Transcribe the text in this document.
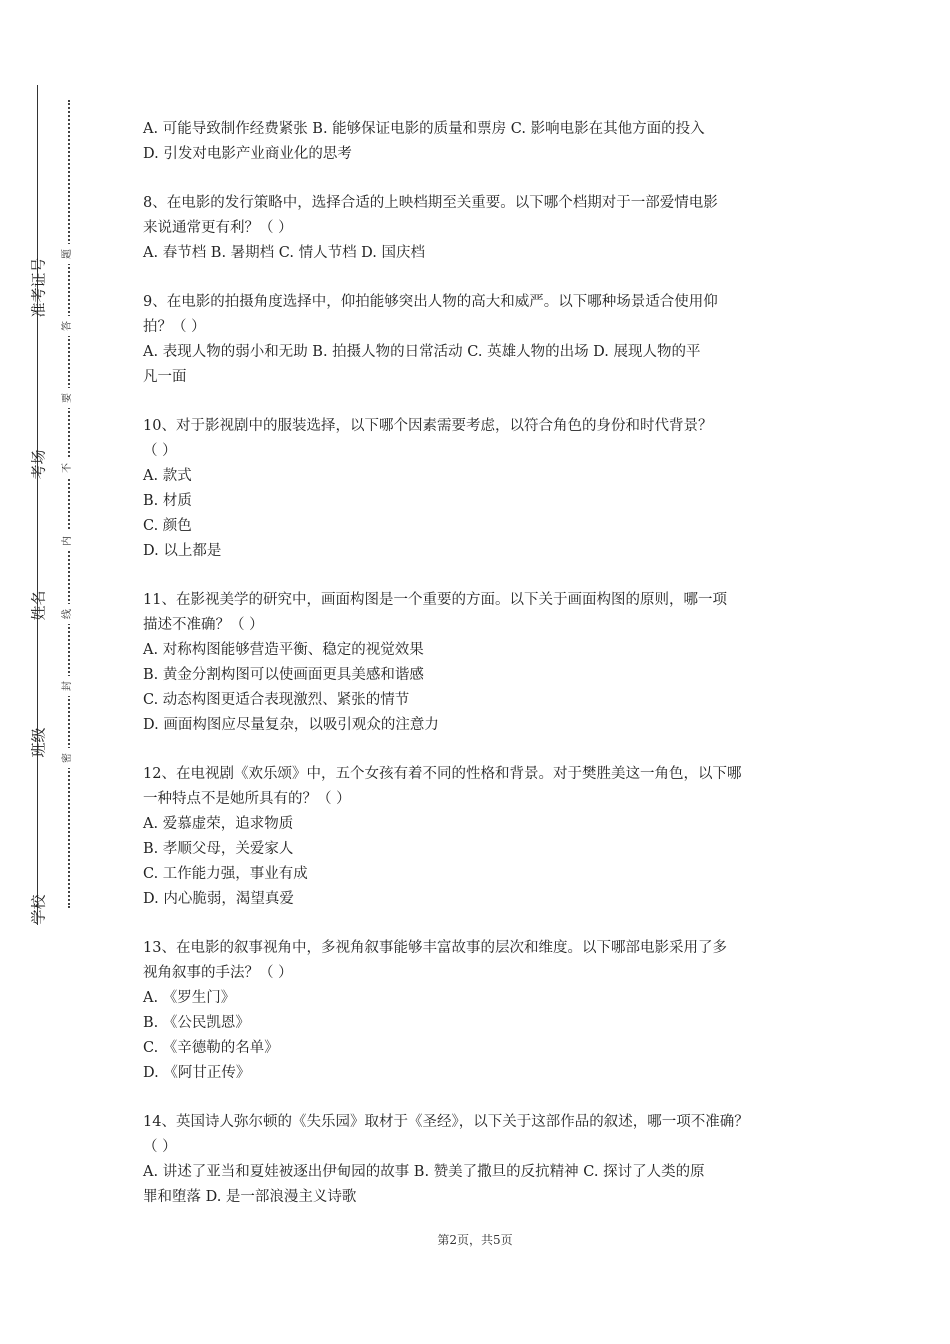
准考证号
考场
姓名
班级
学校
题
答
要
不
内
线
封
密
A. 可能导致制作经费紧张 B. 能够保证电影的质量和票房 C. 影响电影在其他方面的投入
D. 引发对电影产业商业化的思考
8、在电影的发行策略中，选择合适的上映档期至关重要。以下哪个档期对于一部爱情电影
来说通常更有利？（ ）
A. 春节档 B. 暑期档 C. 情人节档 D. 国庆档
9、在电影的拍摄角度选择中，仰拍能够突出人物的高大和威严。以下哪种场景适合使用仰
拍？（ ）
A. 表现人物的弱小和无助 B. 拍摄人物的日常活动 C. 英雄人物的出场 D. 展现人物的平
凡一面
10、对于影视剧中的服装选择，以下哪个因素需要考虑，以符合角色的身份和时代背景？
（ ）
A. 款式
B. 材质
C. 颜色
D. 以上都是
11、在影视美学的研究中，画面构图是一个重要的方面。以下关于画面构图的原则，哪一项
描述不准确？（ ）
A. 对称构图能够营造平衡、稳定的视觉效果
B. 黄金分割构图可以使画面更具美感和谐感
C. 动态构图更适合表现激烈、紧张的情节
D. 画面构图应尽量复杂，以吸引观众的注意力
12、在电视剧《欢乐颂》中，五个女孩有着不同的性格和背景。对于樊胜美这一角色，以下哪
一种特点不是她所具有的？（ ）
A. 爱慕虚荣，追求物质
B. 孝顺父母，关爱家人
C. 工作能力强，事业有成
D. 内心脆弱，渴望真爱
13、在电影的叙事视角中，多视角叙事能够丰富故事的层次和维度。以下哪部电影采用了多
视角叙事的手法？（ ）
A. 《罗生门》
B. 《公民凯恩》
C. 《辛德勒的名单》
D. 《阿甘正传》
14、英国诗人弥尔顿的《失乐园》取材于《圣经》，以下关于这部作品的叙述，哪一项不准确？
（ ）
A. 讲述了亚当和夏娃被逐出伊甸园的故事 B. 赞美了撒旦的反抗精神 C. 探讨了人类的原
罪和堕落 D. 是一部浪漫主义诗歌
第2页，共5页
